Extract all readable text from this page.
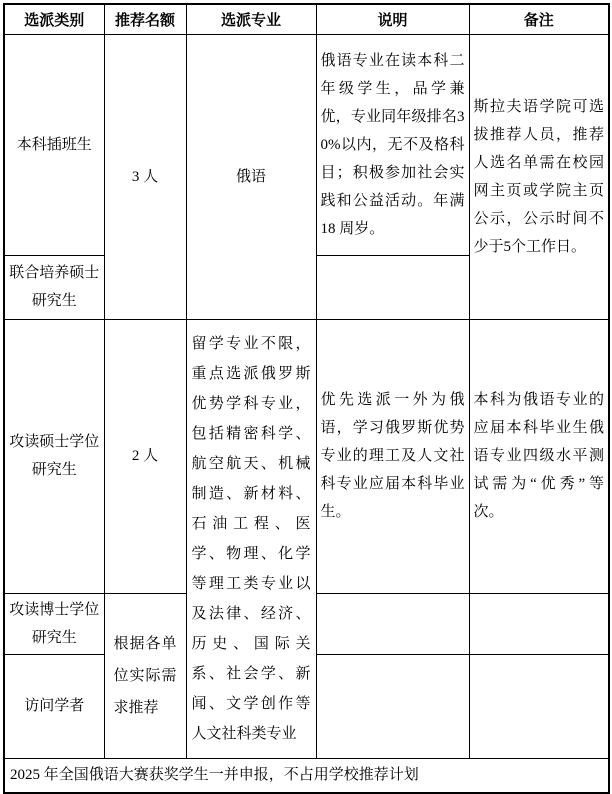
选派类别	推荐名额	选派专业	说明	备注
本科插班生	3 人	俄语	俄语专业在读本科二年级学生，品学兼优，专业同年级排名30%以内，无不及格科目；积极参加社会实践和公益活动。年满 18 周岁。	斯拉夫语学院可选拔推荐人员，推荐人选名单需在校园网主页或学院主页公示，公示时间不少于5个工作日。
联合培养硕士研究生				
攻读硕士学位研究生	2 人	留学专业不限，重点选派俄罗斯优势学科专业，包括精密科学、航空航天、机械制造、新材料、石油工程、医学、物理、化学等理工类专业以及法律、经济、历史、国际关系、社会学、新闻、文学创作等人文社科类专业	优先选派一外为俄语，学习俄罗斯优势专业的理工及人文社科专业应届本科毕业生。	本科为俄语专业的应届本科毕业生俄语专业四级水平测试需为“优秀”等次。
攻读博士学位研究生	根据各单位实际需求推荐			
访问学者				
2025 年全国俄语大赛获奖学生一并申报，不占用学校推荐计划				
